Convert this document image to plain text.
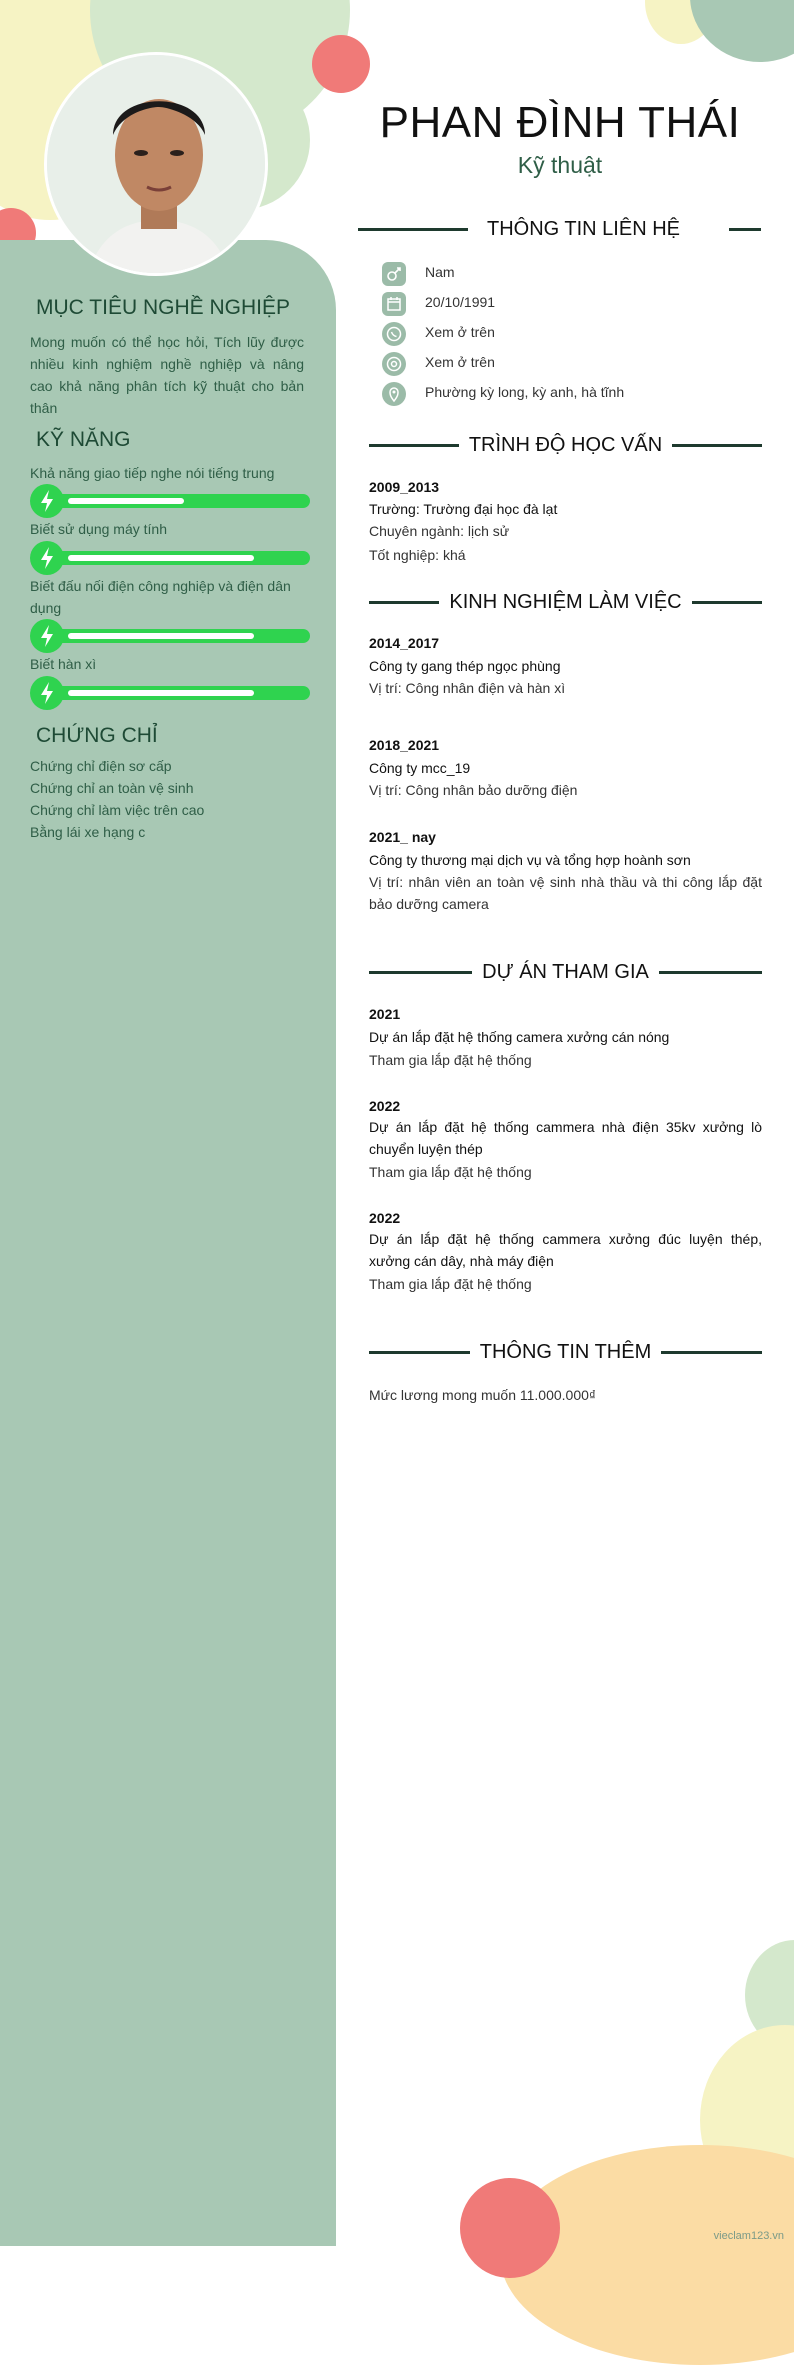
MỤC TIÊU NGHỀ NGHIỆP

Mong muốn có thể học hỏi, Tích lũy được nhiều kinh nghiệm nghề nghiệp và nâng cao khả năng phân tích kỹ thuật cho bản thân

KỸ NĂNG
Khả năng giao tiếp nghe nói tiếng trung
Biết sử dụng máy tính
Biết đấu nối điện công nghiệp và điện dân dụng
Biết hàn xì
CHỨNG CHỈ
Chứng chỉ điện sơ cấp
Chứng chỉ an toàn vệ sinh
Chứng chỉ làm việc trên cao
Bằng lái xe hạng c
PHAN ĐÌNH THÁI
Kỹ thuật
THÔNG TIN LIÊN HỆ
Nam
20/10/1991
Xem ở trên
Xem ở trên
Phường kỳ long, kỳ anh, hà tĩnh
TRÌNH ĐỘ HỌC VẤN

2009_2013

Trường: Trường đại học đà lạt

Chuyên ngành: lịch sử

Tốt nghiệp: khá

KINH NGHIỆM LÀM VIỆC

2014_2017

Công ty gang thép ngọc phùng

Vị trí: Công nhân điện và hàn xì

2018_2021

Công ty mcc_19

Vị trí: Công nhân bảo dưỡng điện

2021_ nay

Công ty thương mại dịch vụ và tổng hợp hoành sơn

Vị trí: nhân viên an toàn vệ sinh nhà thầu và thi công lắp đặt bảo dưỡng camera

DỰ ÁN THAM GIA

2021

Dự án lắp đặt hệ thống camera xưởng cán nóng

Tham gia lắp đặt hệ thống

2022

Dự án lắp đặt hệ thống cammera nhà điện 35kv xưởng lò chuyển luyện thép

Tham gia lắp đặt hệ thống

2022

Dự án lắp đặt hệ thống cammera xưởng đúc luyện thép, xưởng cán dây, nhà máy điện

Tham gia lắp đặt hệ thống

THÔNG TIN THÊM

Mức lương mong muốn 11.000.000₫

vieclam123.vn
